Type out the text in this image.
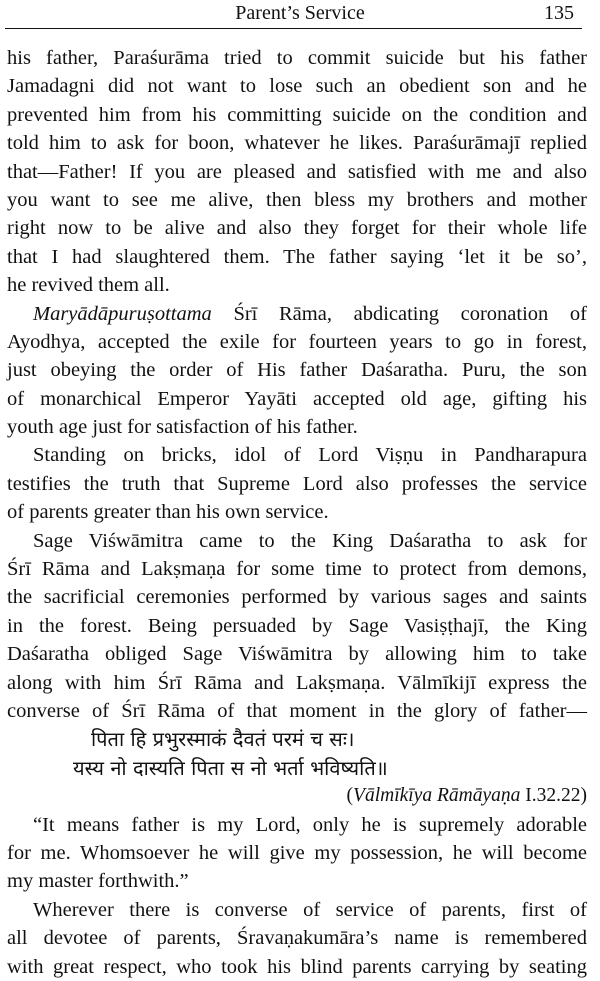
Parent’s Service	135
his father, Paraśurāma tried to commit suicide but his father
Jamadagni did not want to lose such an obedient son and he
prevented him from his committing suicide on the condition and
told him to ask for boon, whatever he likes. Paraśurāmajī replied
that—Father! If you are pleased and satisfied with me and also
you want to see me alive, then bless my brothers and mother
right now to be alive and also they forget for their whole life
that I had slaughtered them. The father saying ‘let it be so’,
he revived them all.
Maryādāpuruṣottama Śrī Rāma, abdicating coronation of
Ayodhya, accepted the exile for fourteen years to go in forest,
just obeying the order of His father Daśaratha. Puru, the son
of monarchical Emperor Yayāti accepted old age, gifting his
youth age just for satisfaction of his father.
Standing on bricks, idol of Lord Viṣṇu in Pandharapura
testifies the truth that Supreme Lord also professes the service
of parents greater than his own service.
Sage Viśwāmitra came to the King Daśaratha to ask for
Śrī Rāma and Lakṣmaṇa for some time to protect from demons,
the sacrificial ceremonies performed by various sages and saints
in the forest. Being persuaded by Sage Vasiṣṭhajī, the King
Daśaratha obliged Sage Viśwāmitra by allowing him to take
along with him Śrī Rāma and Lakṣmaṇa. Vālmīkijī express the
converse of Śrī Rāma of that moment in the glory of father—
पिता हि प्रभुरस्माकं दैवतं परमं च सः।
यस्य नो दास्यति पिता स नो भर्ता भविष्यति॥
(Vālmīkīya Rāmāyaṇa I.32.22)
“It means father is my Lord, only he is supremely adorable
for me. Whomsoever he will give my possession, he will become
my master forthwith.”
Wherever there is converse of service of parents, first of
all devotee of parents, Śravaṇakumāra’s name is remembered
with great respect, who took his blind parents carrying by seating
